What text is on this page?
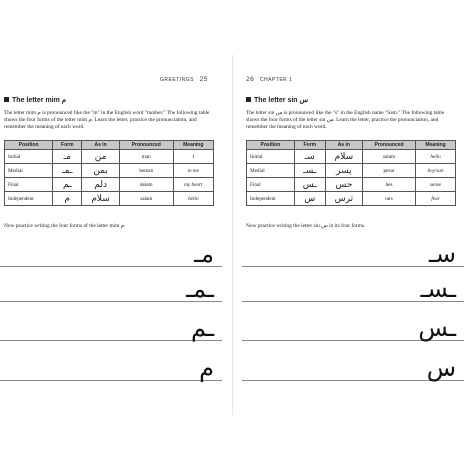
GREETINGS 25
The letter mim م
The letter mim م is pronounced like the "m" in the English word "mother." The following table shows the four forms of the letter mim م. Learn the letter, practice the pronunciation, and remember the meaning of each word.
Position	Form	As in	Pronounced	Meaning
Initial	مـ	من	man	I
Medial	ـمـ	بمن	beman	to me
Final	ـم	دلم	delam	my heart
Independent	م	سلام	salam	hello
Now practice writing the four forms of the letter mim م.
مـ
ـمـ
ـم
م
26 CHAPTER 1
The letter sin س
The letter sin س is pronounced like the "s" in the English name "Sam." The following table shows the four forms of the letter sin س. Learn the letter, practice the pronunciation, and remember the meaning of each word.
Position	Form	As in	Pronounced	Meaning
Initial	سـ	سلام	salam	hello
Medial	ـسـ	پسر	pesar	boy/son
Final	ـس	حس	hes	sense
Independent	س	ترس	tars	fear
Now practice writing the letter sin س in its four forms.
سـ
ـسـ
ـس
س
